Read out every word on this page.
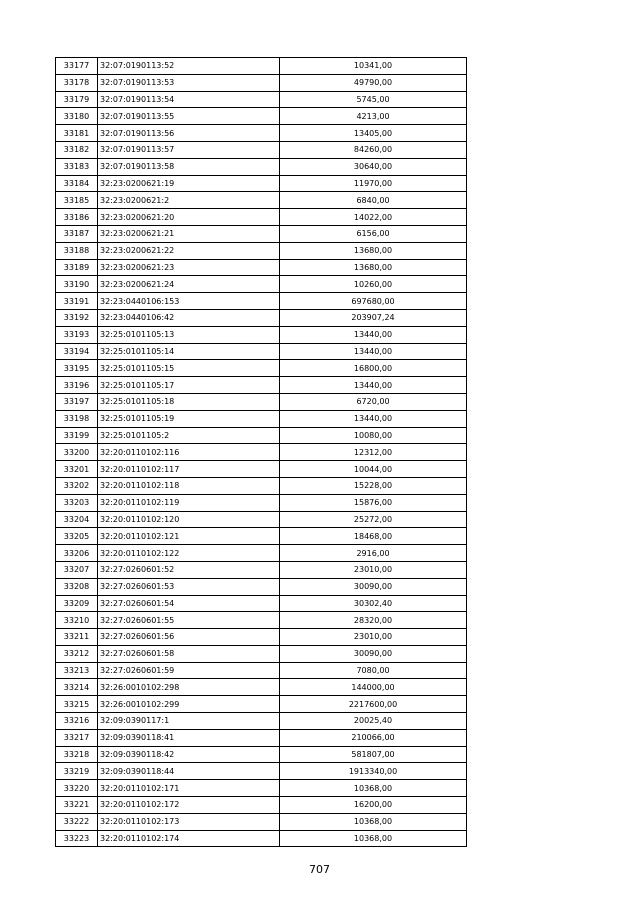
33177	32:07:0190113:52	10341,00
33178	32:07:0190113:53	49790,00
33179	32:07:0190113:54	5745,00
33180	32:07:0190113:55	4213,00
33181	32:07:0190113:56	13405,00
33182	32:07:0190113:57	84260,00
33183	32:07:0190113:58	30640,00
33184	32:23:0200621:19	11970,00
33185	32:23:0200621:2	6840,00
33186	32:23:0200621:20	14022,00
33187	32:23:0200621:21	6156,00
33188	32:23:0200621:22	13680,00
33189	32:23:0200621:23	13680,00
33190	32:23:0200621:24	10260,00
33191	32:23:0440106:153	697680,00
33192	32:23:0440106:42	203907,24
33193	32:25:0101105:13	13440,00
33194	32:25:0101105:14	13440,00
33195	32:25:0101105:15	16800,00
33196	32:25:0101105:17	13440,00
33197	32:25:0101105:18	6720,00
33198	32:25:0101105:19	13440,00
33199	32:25:0101105:2	10080,00
33200	32:20:0110102:116	12312,00
33201	32:20:0110102:117	10044,00
33202	32:20:0110102:118	15228,00
33203	32:20:0110102:119	15876,00
33204	32:20:0110102:120	25272,00
33205	32:20:0110102:121	18468,00
33206	32:20:0110102:122	2916,00
33207	32:27:0260601:52	23010,00
33208	32:27:0260601:53	30090,00
33209	32:27:0260601:54	30302,40
33210	32:27:0260601:55	28320,00
33211	32:27:0260601:56	23010,00
33212	32:27:0260601:58	30090,00
33213	32:27:0260601:59	7080,00
33214	32:26:0010102:298	144000,00
33215	32:26:0010102:299	2217600,00
33216	32:09:0390117:1	20025,40
33217	32:09:0390118:41	210066,00
33218	32:09:0390118:42	581807,00
33219	32:09:0390118:44	1913340,00
33220	32:20:0110102:171	10368,00
33221	32:20:0110102:172	16200,00
33222	32:20:0110102:173	10368,00
33223	32:20:0110102:174	10368,00
707
